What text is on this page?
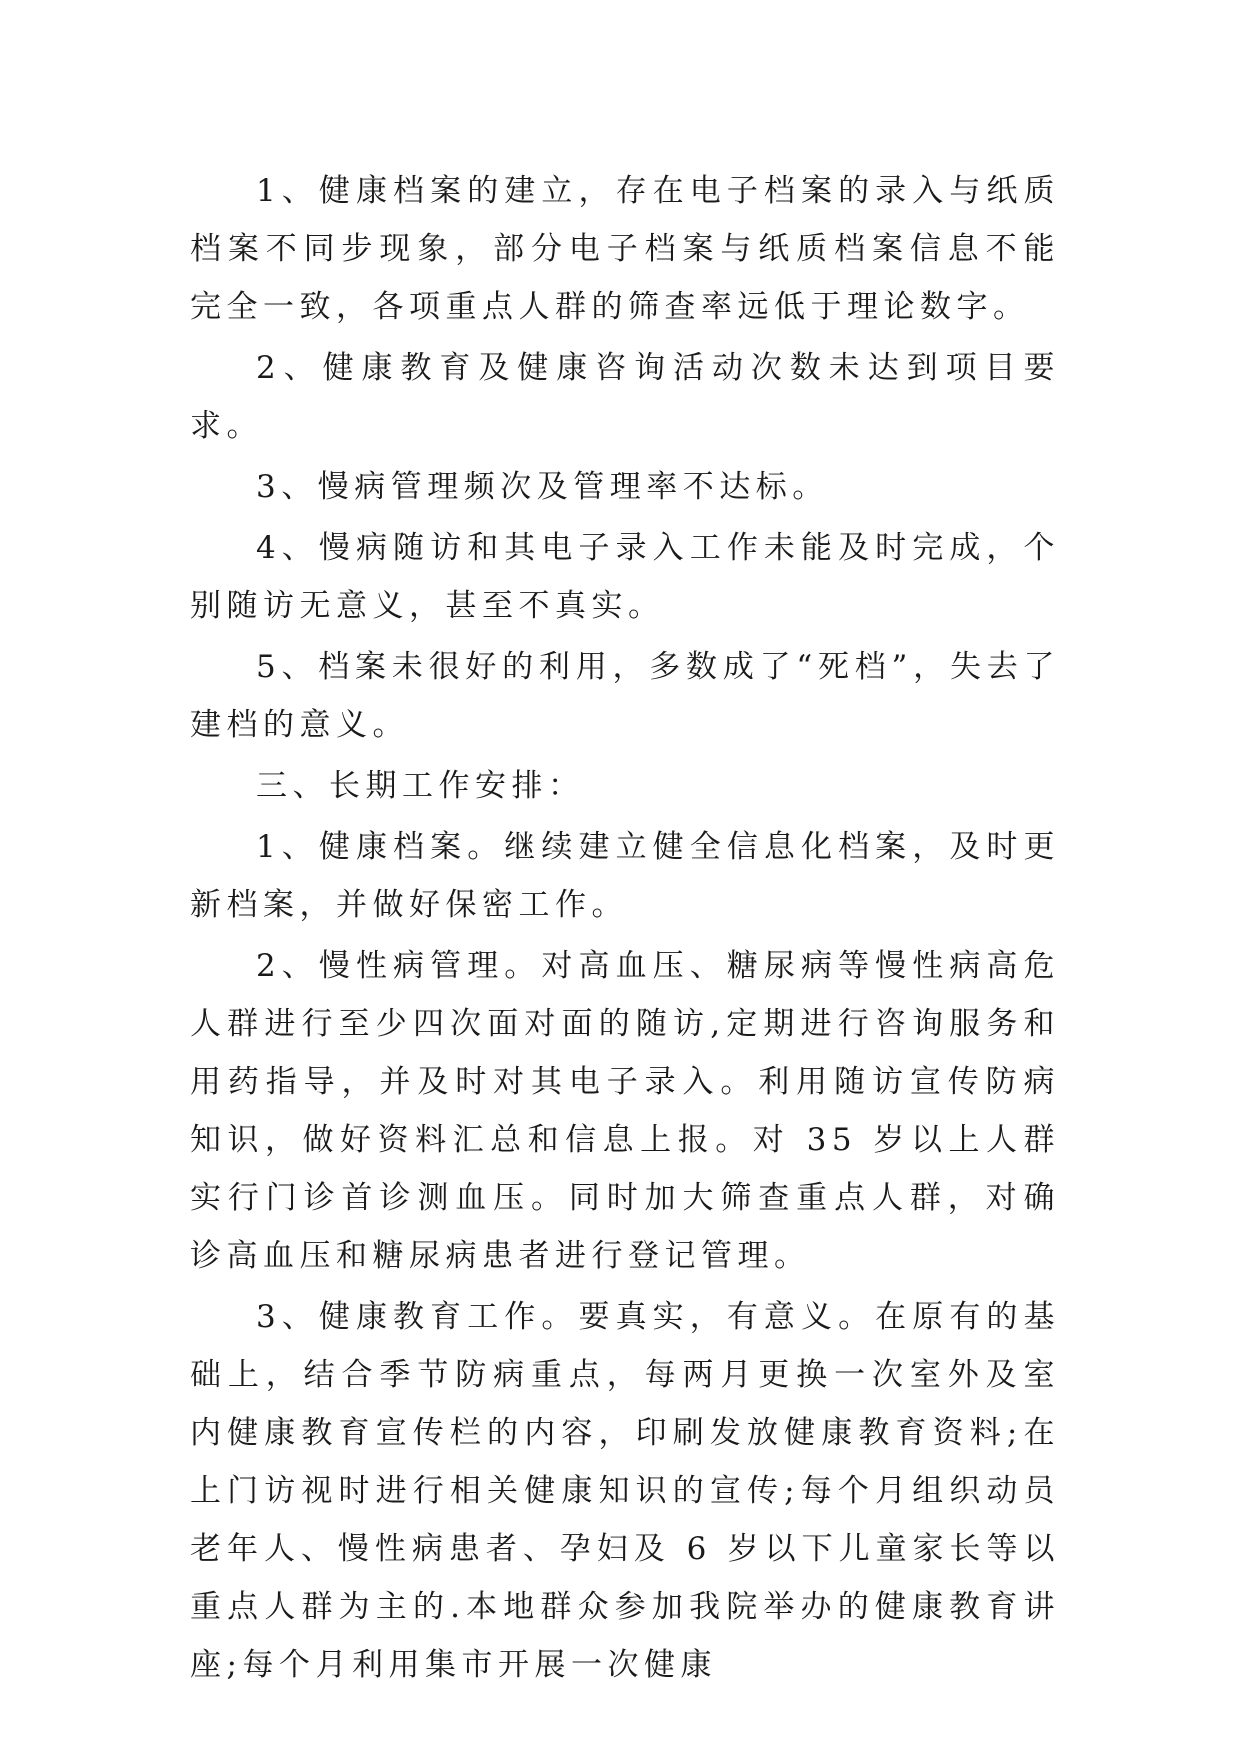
1、健康档案的建立，存在电子档案的录入与纸质档案不同步现象，部分电子档案与纸质档案信息不能完全一致，各项重点人群的筛查率远低于理论数字。

2、健康教育及健康咨询活动次数未达到项目要求。

3、慢病管理频次及管理率不达标。

4、慢病随访和其电子录入工作未能及时完成，个别随访无意义，甚至不真实。

5、档案未很好的利用，多数成了“死档”，失去了建档的意义。

三、长期工作安排：

1、健康档案。继续建立健全信息化档案，及时更新档案，并做好保密工作。

2、慢性病管理。对高血压、糖尿病等慢性病高危人群进行至少四次面对面的随访,定期进行咨询服务和用药指导，并及时对其电子录入。利用随访宣传防病知识，做好资料汇总和信息上报。对 35 岁以上人群实行门诊首诊测血压。同时加大筛查重点人群，对确诊高血压和糖尿病患者进行登记管理。

3、健康教育工作。要真实，有意义。在原有的基础上，结合季节防病重点，每两月更换一次室外及室内健康教育宣传栏的内容，印刷发放健康教育资料;在上门访视时进行相关健康知识的宣传;每个月组织动员老年人、慢性病患者、孕妇及 6 岁以下儿童家长等以重点人群为主的.本地群众参加我院举办的健康教育讲座;每个月利用集市开展一次健康
